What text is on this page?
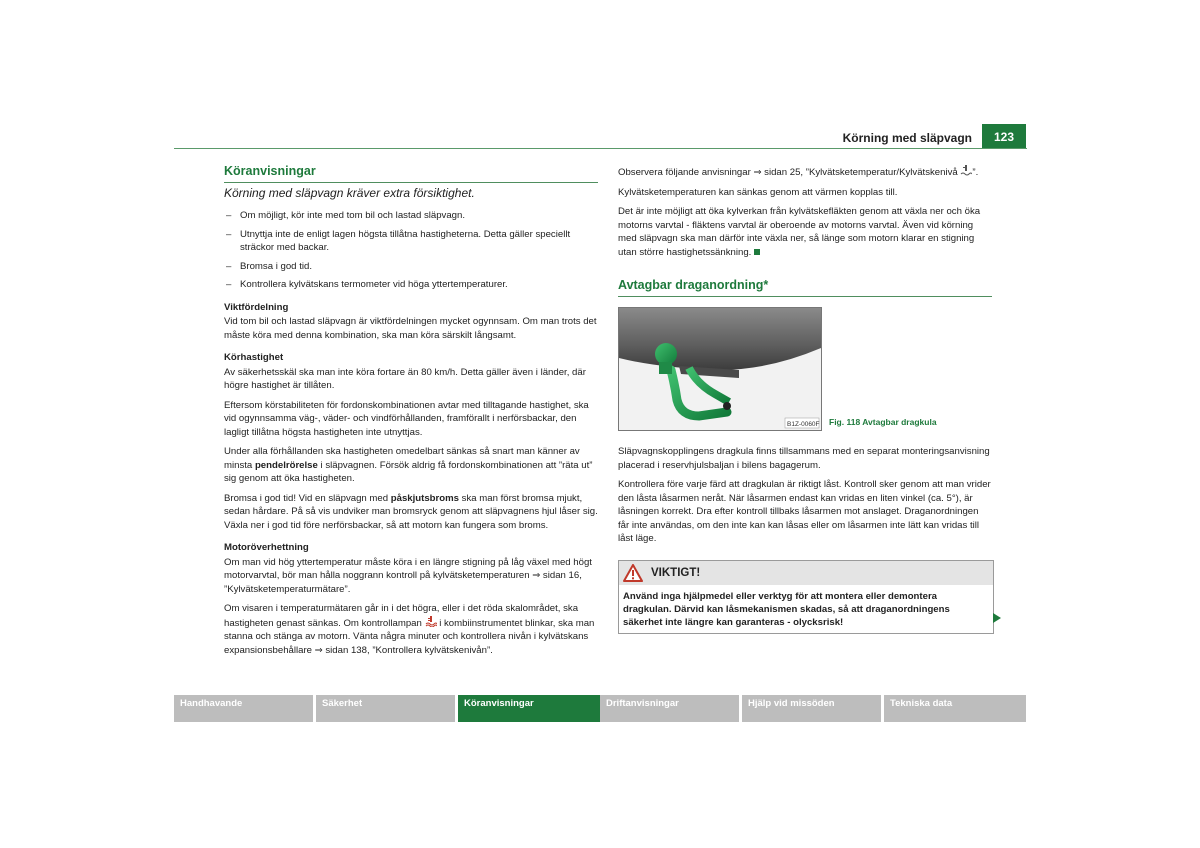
Körning med släpvagn	123
Köranvisningar
Körning med släpvagn kräver extra försiktighet.
– Om möjligt, kör inte med tom bil och lastad släpvagn.
– Utnyttja inte de enligt lagen högsta tillåtna hastigheterna. Detta gäller speciellt sträckor med backar.
– Bromsa i god tid.
– Kontrollera kylvätskans termometer vid höga yttertemperaturer.
Viktfördelning

Vid tom bil och lastad släpvagn är viktfördelningen mycket ogynnsam. Om man trots det måste köra med denna kombination, ska man köra särskilt långsamt.

Körhastighet

Av säkerhetsskäl ska man inte köra fortare än 80 km/h. Detta gäller även i länder, där högre hastighet är tillåten.

Eftersom körstabiliteten för fordonskombinationen avtar med tilltagande hastighet, ska vid ogynnsamma väg-, väder- och vindförhållanden, framförallt i nerförsbackar, den lagligt tillåtna högsta hastigheten inte utnyttjas.

Under alla förhållanden ska hastigheten omedelbart sänkas så snart man känner av minsta pendelrörelse i släpvagnen. Försök aldrig få fordonskombinationen att ”räta ut” sig genom att öka hastigheten.

Bromsa i god tid! Vid en släpvagn med påskjutsbroms ska man först bromsa mjukt, sedan hårdare. På så vis undviker man bromsryck genom att släpvagnens hjul låser sig. Växla ner i god tid före nerförsbackar, så att motorn kan fungera som broms.

Motoröverhettning

Om man vid hög yttertemperatur måste köra i en längre stigning på låg växel med högt motorvarvtal, bör man hålla noggrann kontroll på kylvätsketemperaturen ⇒ sidan 16, ”Kylvätsketemperaturmätare”.

Om visaren i temperaturmätaren går in i det högra, eller i det röda skalområdet, ska hastigheten genast sänkas. Om kontrollampan  i kombiinstrumentet blinkar, ska man stanna och stänga av motorn. Vänta några minuter och kontrollera nivån i kylvätskans expansionsbehållare ⇒ sidan 138, ”Kontrollera kylvätskenivån”.

Observera följande anvisningar ⇒ sidan 25, ”Kylvätsketemperatur/Kylvätskenivå ”.

Kylvätsketemperaturen kan sänkas genom att värmen kopplas till.

Det är inte möjligt att öka kylverkan från kylvätskefläkten genom att växla ner och öka motorns varvtal - fläktens varvtal är oberoende av motorns varvtal. Även vid körning med släpvagn ska man därför inte växla ner, så länge som motorn klarar en stigning utan större hastighetssänkning.

Avtagbar draganordning*
B1Z-0060F Fig. 118 Avtagbar dragkula

Släpvagnskopplingens dragkula finns tillsammans med en separat monteringsanvisning placerad i reservhjulsbaljan i bilens bagagerum.

Kontrollera före varje färd att dragkulan är riktigt låst. Kontroll sker genom att man vrider den låsta låsarmen neråt. När låsarmen endast kan vridas en liten vinkel (ca. 5°), är låsningen korrekt. Dra efter kontroll tillbaks låsarmen mot anslaget. Draganordningen får inte användas, om den inte kan kan låsas eller om låsarmen inte lätt kan vridas till låst läge.

VIKTIGT!
Använd inga hjälpmedel eller verktyg för att montera eller demontera dragkulan. Därvid kan låsmekanismen skadas, så att draganordningens säkerhet inte längre kan garanteras - olycksrisk!
Handhavande	Säkerhet	Köranvisningar	Driftanvisningar	Hjälp vid missöden	Tekniska data
